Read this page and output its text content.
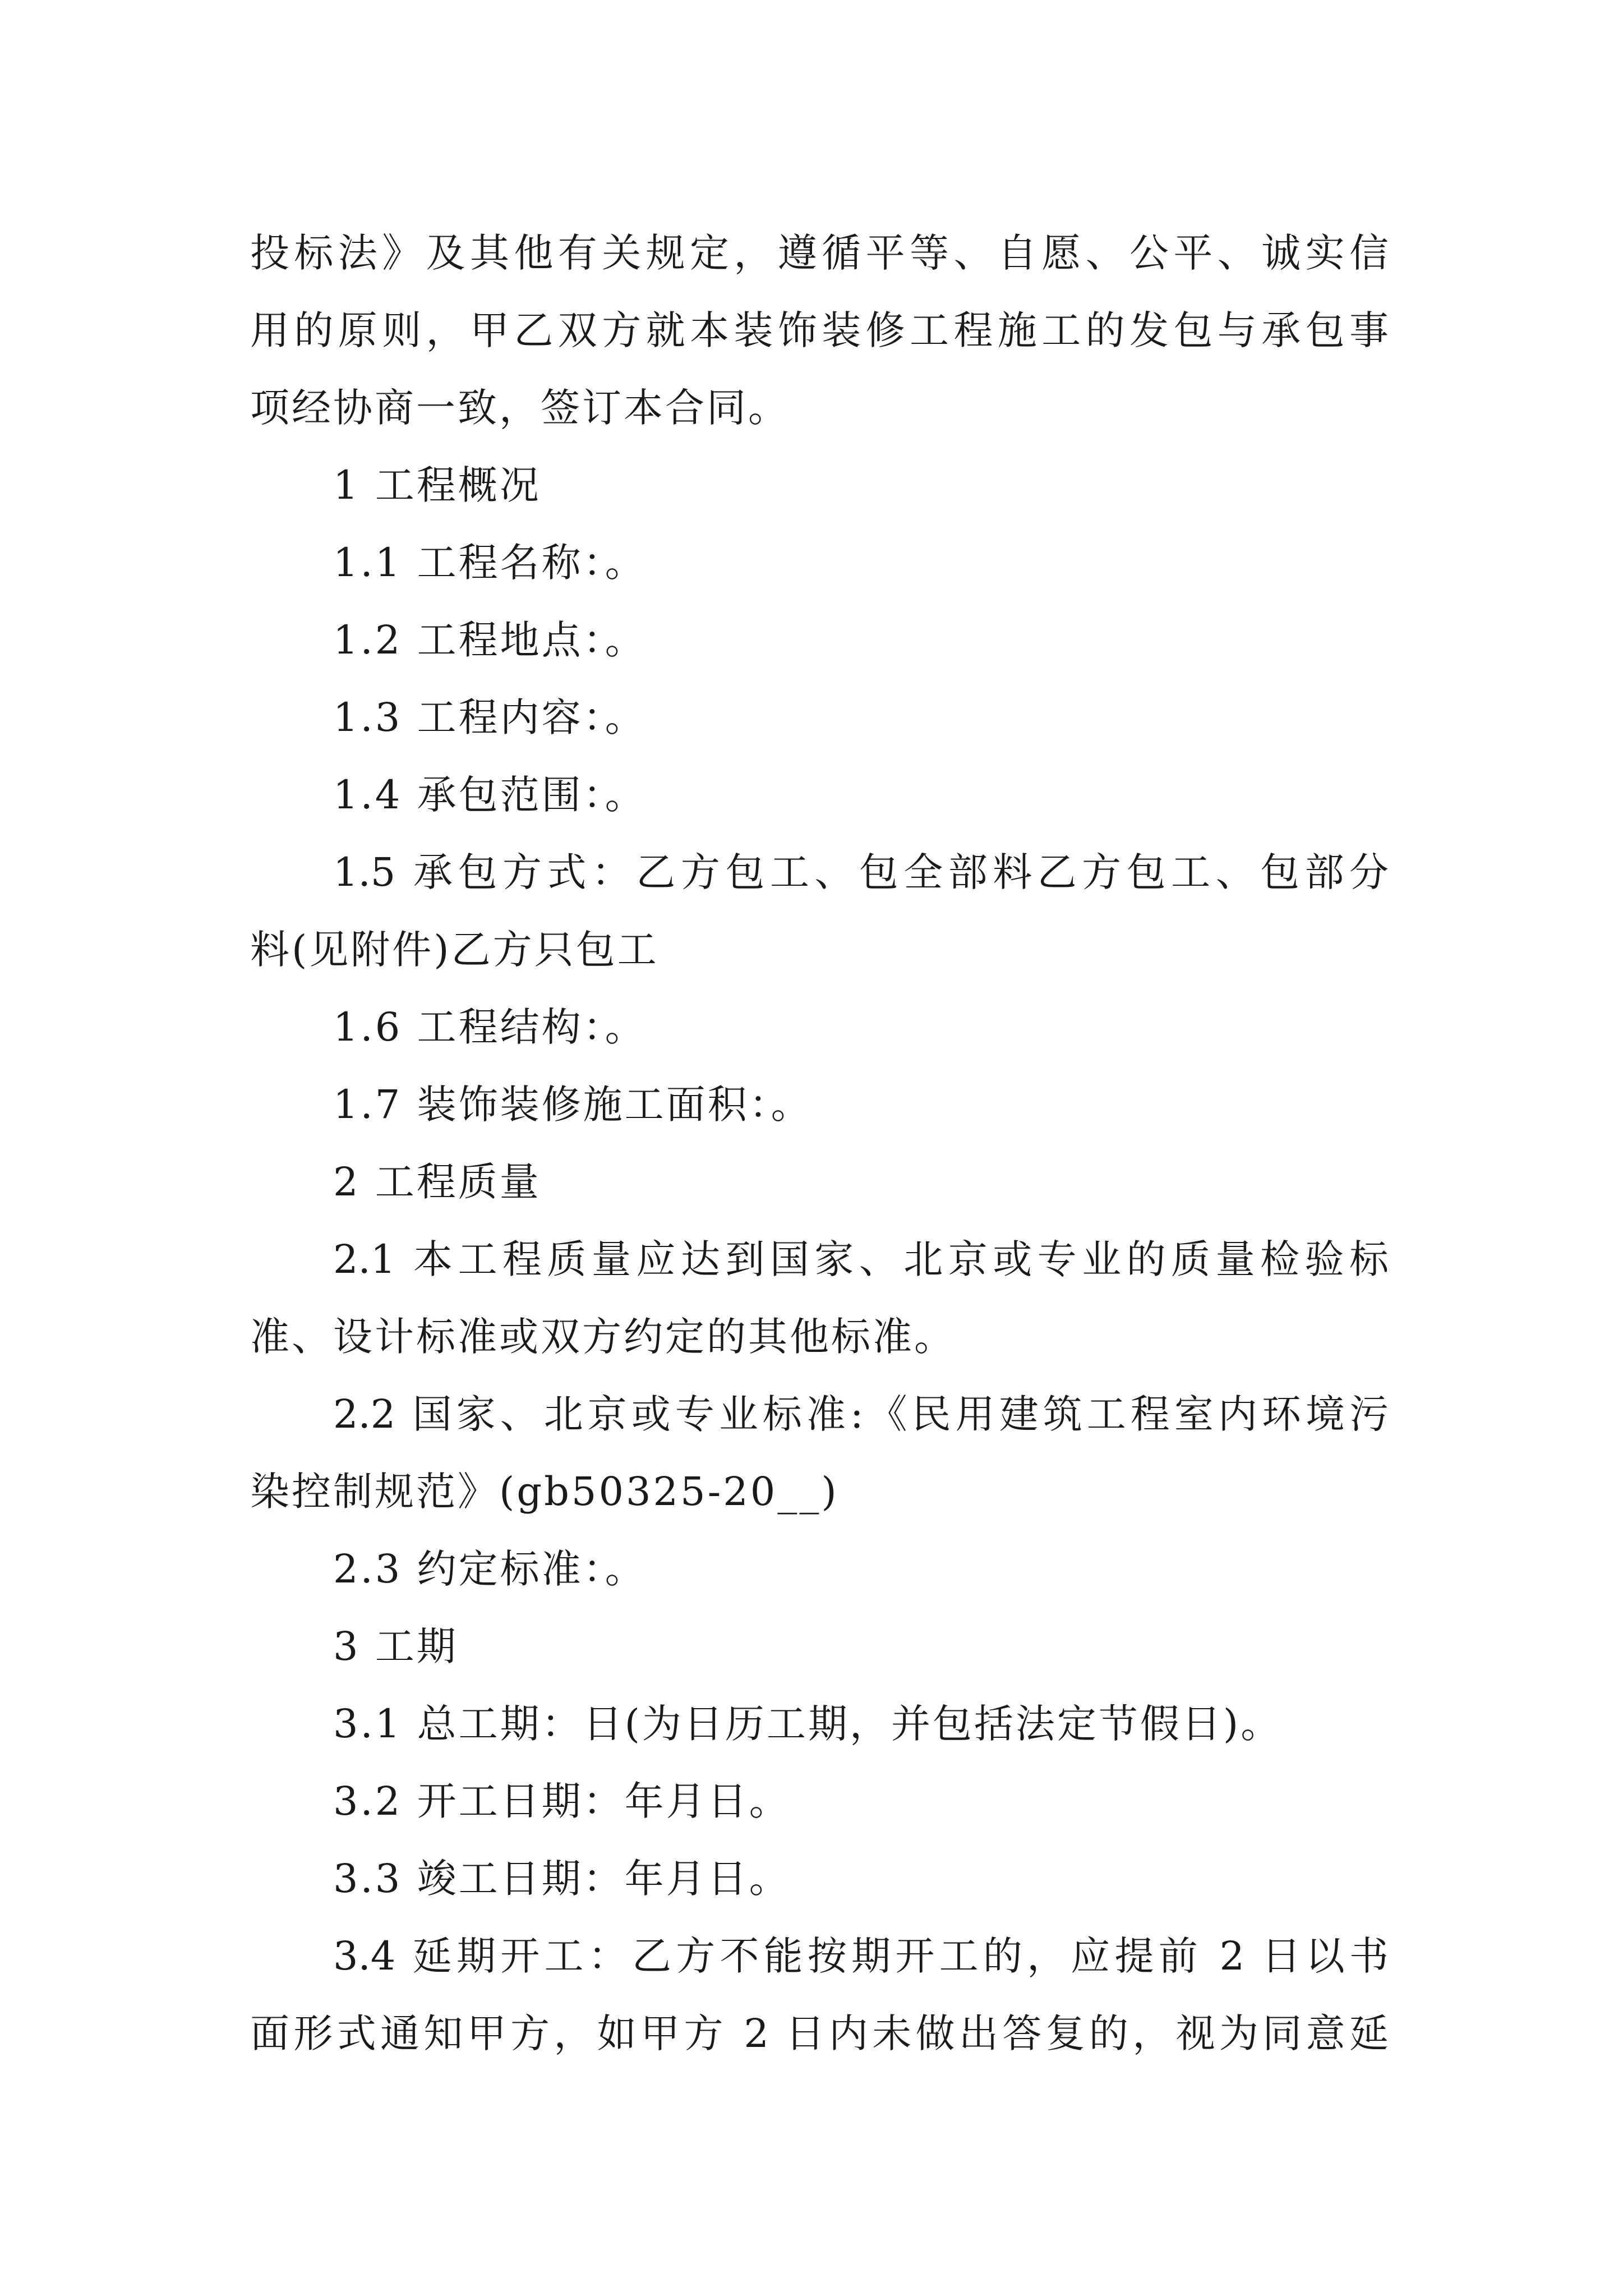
投标法》及其他有关规定，遵循平等、自愿、公平、诚实信
用的原则，甲乙双方就本装饰装修工程施工的发包与承包事
项经协商一致，签订本合同。
1 工程概况
1.1 工程名称：。
1.2 工程地点：。
1.3 工程内容：。
1.4 承包范围：。
1.5 承包方式：乙方包工、包全部料乙方包工、包部分
料(见附件)乙方只包工
1.6 工程结构：。
1.7 装饰装修施工面积：。
2 工程质量
2.1 本工程质量应达到国家、北京或专业的质量检验标
准、设计标准或双方约定的其他标准。
2.2 国家、北京或专业标准:《民用建筑工程室内环境污
染控制规范》(gb50325-20__)
2.3 约定标准：。
3 工期
3.1 总工期：日(为日历工期，并包括法定节假日)。
3.2 开工日期：年月日。
3.3 竣工日期：年月日。
3.4 延期开工：乙方不能按期开工的，应提前 2 日以书
面形式通知甲方，如甲方 2 日内未做出答复的，视为同意延
